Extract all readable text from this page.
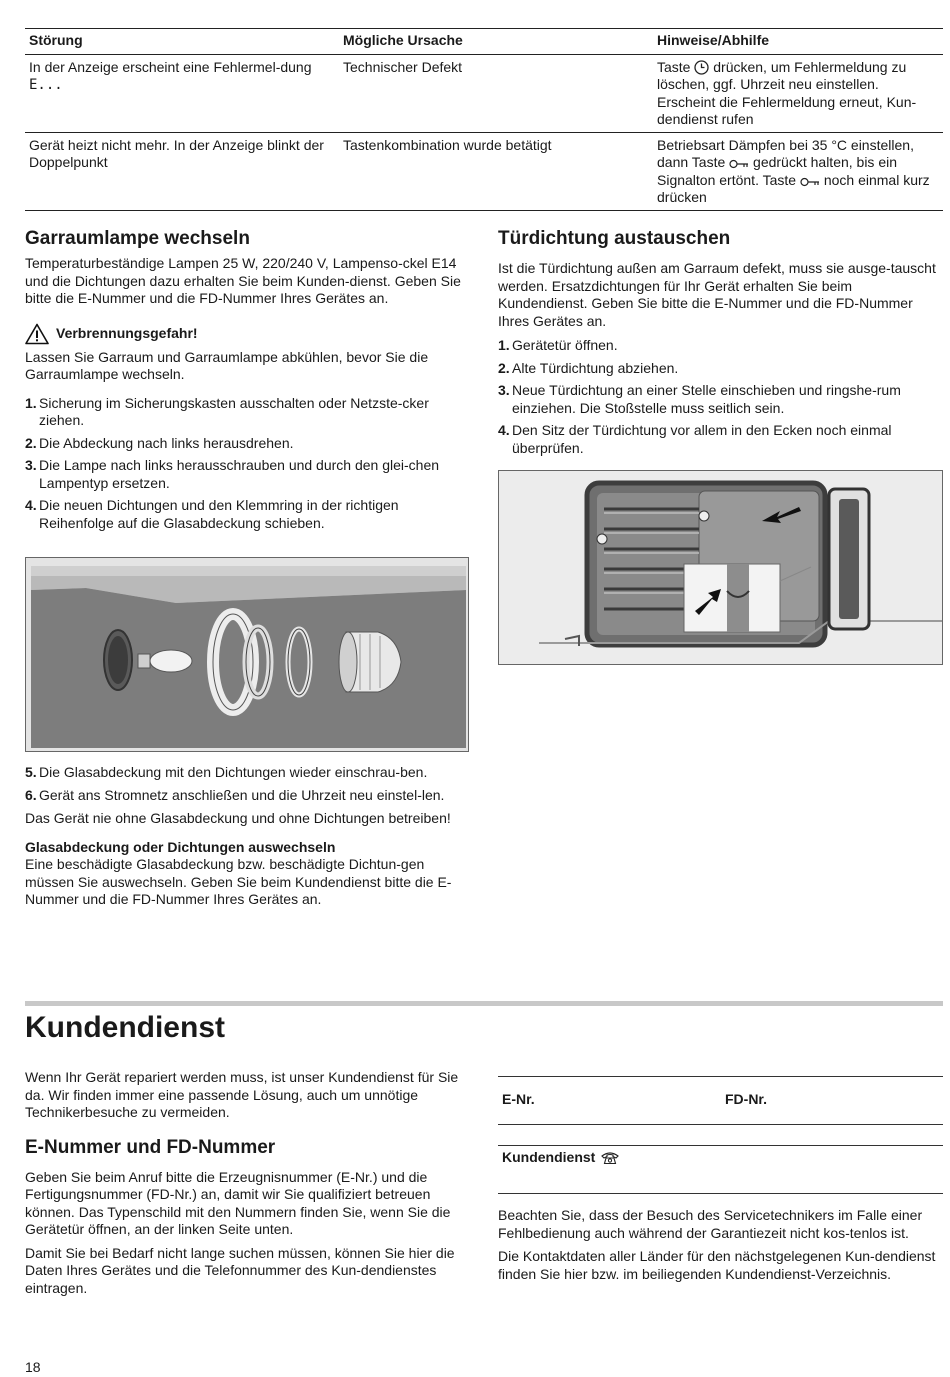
Störung	Mögliche Ursache	Hinweise/Abhilfe
In der Anzeige erscheint eine Fehlermel-dung E...	Technischer Defekt	Taste  drücken, um Fehlermeldung zu löschen, ggf. Uhrzeit neu einstellen. Erscheint die Fehlermeldung erneut, Kun-dendienst rufen
Gerät heizt nicht mehr. In der Anzeige blinkt der Doppelpunkt	Tastenkombination wurde betätigt	Betriebsart Dämpfen bei 35 °C einstellen, dann Taste  gedrückt halten, bis ein Signalton ertönt. Taste  noch einmal kurz drücken
Garraumlampe wechseln

Temperaturbeständige Lampen 25 W, 220/240 V, Lampenso-ckel E14 und die Dichtungen dazu erhalten Sie beim Kunden-dienst. Geben Sie bitte die E-Nummer und die FD-Nummer Ihres Gerätes an.

Verbrennungsgefahr!

Lassen Sie Garraum und Garraumlampe abkühlen, bevor Sie die Garraumlampe wechseln.

1. Sicherung im Sicherungskasten ausschalten oder Netzste-cker ziehen.
2. Die Abdeckung nach links herausdrehen.
3. Die Lampe nach links herausschrauben und durch den glei-chen Lampentyp ersetzen.
4. Die neuen Dichtungen und den Klemmring in der richtigen Reihenfolge auf die Glasabdeckung schieben.
5. Die Glasabdeckung mit den Dichtungen wieder einschrau-ben.
6. Gerät ans Stromnetz anschließen und die Uhrzeit neu einstel-len.

Das Gerät nie ohne Glasabdeckung und ohne Dichtungen betreiben!

Glasabdeckung oder Dichtungen auswechseln

Eine beschädigte Glasabdeckung bzw. beschädigte Dichtun-gen müssen Sie auswechseln. Geben Sie beim Kundendienst bitte die E-Nummer und die FD-Nummer Ihres Gerätes an.

Türdichtung austauschen

Ist die Türdichtung außen am Garraum defekt, muss sie ausge-tauscht werden. Ersatzdichtungen für Ihr Gerät erhalten Sie beim Kundendienst. Geben Sie bitte die E-Nummer und die FD-Nummer Ihres Gerätes an.

1. Gerätetür öffnen.
2. Alte Türdichtung abziehen.
3. Neue Türdichtung an einer Stelle einschieben und ringshe-rum einziehen. Die Stoßstelle muss seitlich sein.
4. Den Sitz der Türdichtung vor allem in den Ecken noch einmal überprüfen.
Kundendienst

Wenn Ihr Gerät repariert werden muss, ist unser Kundendienst für Sie da. Wir finden immer eine passende Lösung, auch um unnötige Technikerbesuche zu vermeiden.

E-Nummer und FD-Nummer

Geben Sie beim Anruf bitte die Erzeugnisnummer (E-Nr.) und die Fertigungsnummer (FD-Nr.) an, damit wir Sie qualifiziert betreuen können. Das Typenschild mit den Nummern finden Sie, wenn Sie die Gerätetür öffnen, an der linken Seite unten.

Damit Sie bei Bedarf nicht lange suchen müssen, können Sie hier die Daten Ihres Gerätes und die Telefonnummer des Kun-dendienstes eintragen.

E-Nr.	FD-Nr.
Kundendienst

Beachten Sie, dass der Besuch des Servicetechnikers im Falle einer Fehlbedienung auch während der Garantiezeit nicht kos-tenlos ist.

Die Kontaktdaten aller Länder für den nächstgelegenen Kun-dendienst finden Sie hier bzw. im beiliegenden Kundendienst-Verzeichnis.

18
